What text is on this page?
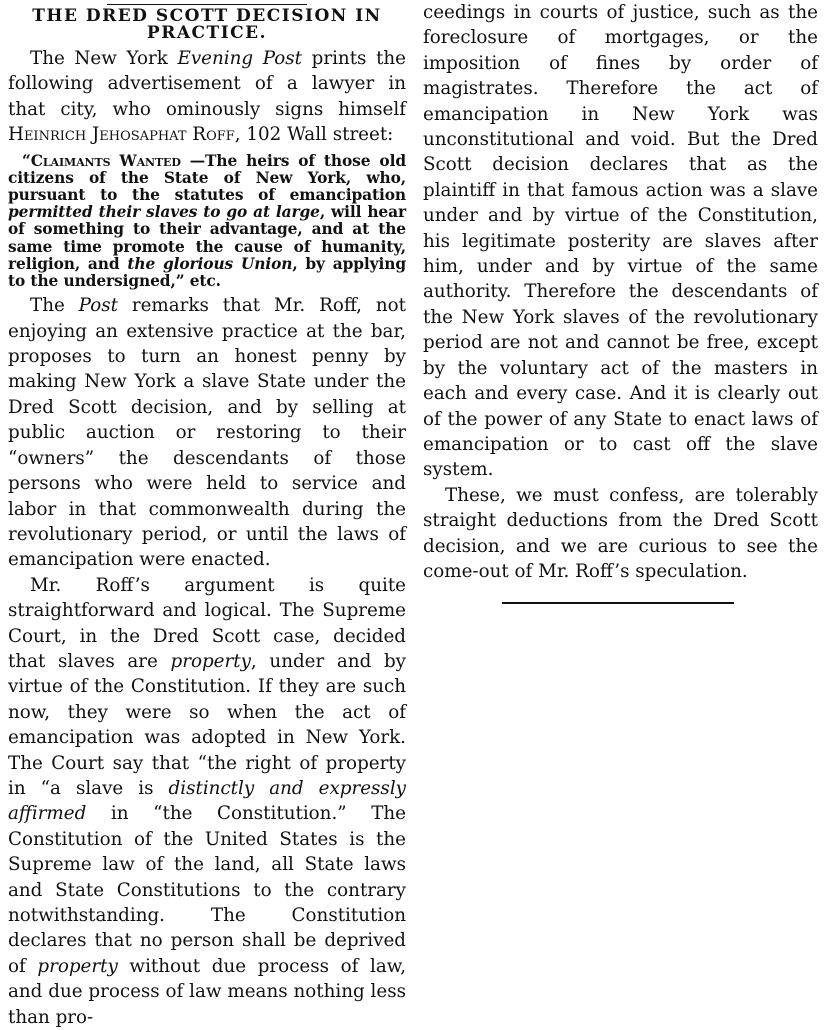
THE DRED SCOTT DECISION IN
PRACTICE.

The New York Evening Post prints the following advertisement of a lawyer in that city, who ominously signs himself Heinrich Jehosaphat Roff, 102 Wall street:

“Claimants Wanted —The heirs of those old citizens of the State of New York, who, pursuant to the statutes of emancipation permitted their slaves to go at large, will hear of something to their advantage, and at the same time promote the cause of humanity, religion, and the glorious Union, by applying to the undersigned,” etc.

The Post remarks that Mr. Roff, not enjoying an extensive practice at the bar, proposes to turn an honest penny by making New York a slave State under the Dred Scott decision, and by selling at public auction or restoring to their “owners” the descendants of those persons who were held to service and labor in that commonwealth during the revolutionary period, or until the laws of emancipation were enacted.

Mr. Roff’s argument is quite straightforward and logical. The Supreme Court, in the Dred Scott case, decided that slaves are property, under and by virtue of the Constitution. If they are such now, they were so when the act of emancipation was adopted in New York. The Court say that “the right of property in “a slave is distinctly and expressly affirmed in “the Constitution.” The Constitution of the United States is the Supreme law of the land, all State laws and State Constitutions to the contrary notwithstanding. The Constitution declares that no person shall be deprived of property without due process of law, and due process of law means nothing less than pro-

ceedings in courts of justice, such as the foreclosure of mortgages, or the imposition of fines by order of magistrates. Therefore the act of emancipation in New York was unconstitutional and void. But the Dred Scott decision declares that as the plaintiff in that famous action was a slave under and by virtue of the Constitution, his legitimate posterity are slaves after him, under and by virtue of the same authority. Therefore the descendants of the New York slaves of the revolutionary period are not and cannot be free, except by the voluntary act of the masters in each and every case. And it is clearly out of the power of any State to enact laws of emancipation or to cast off the slave system.

These, we must confess, are tolerably straight deductions from the Dred Scott decision, and we are curious to see the come-out of Mr. Roff’s speculation.
